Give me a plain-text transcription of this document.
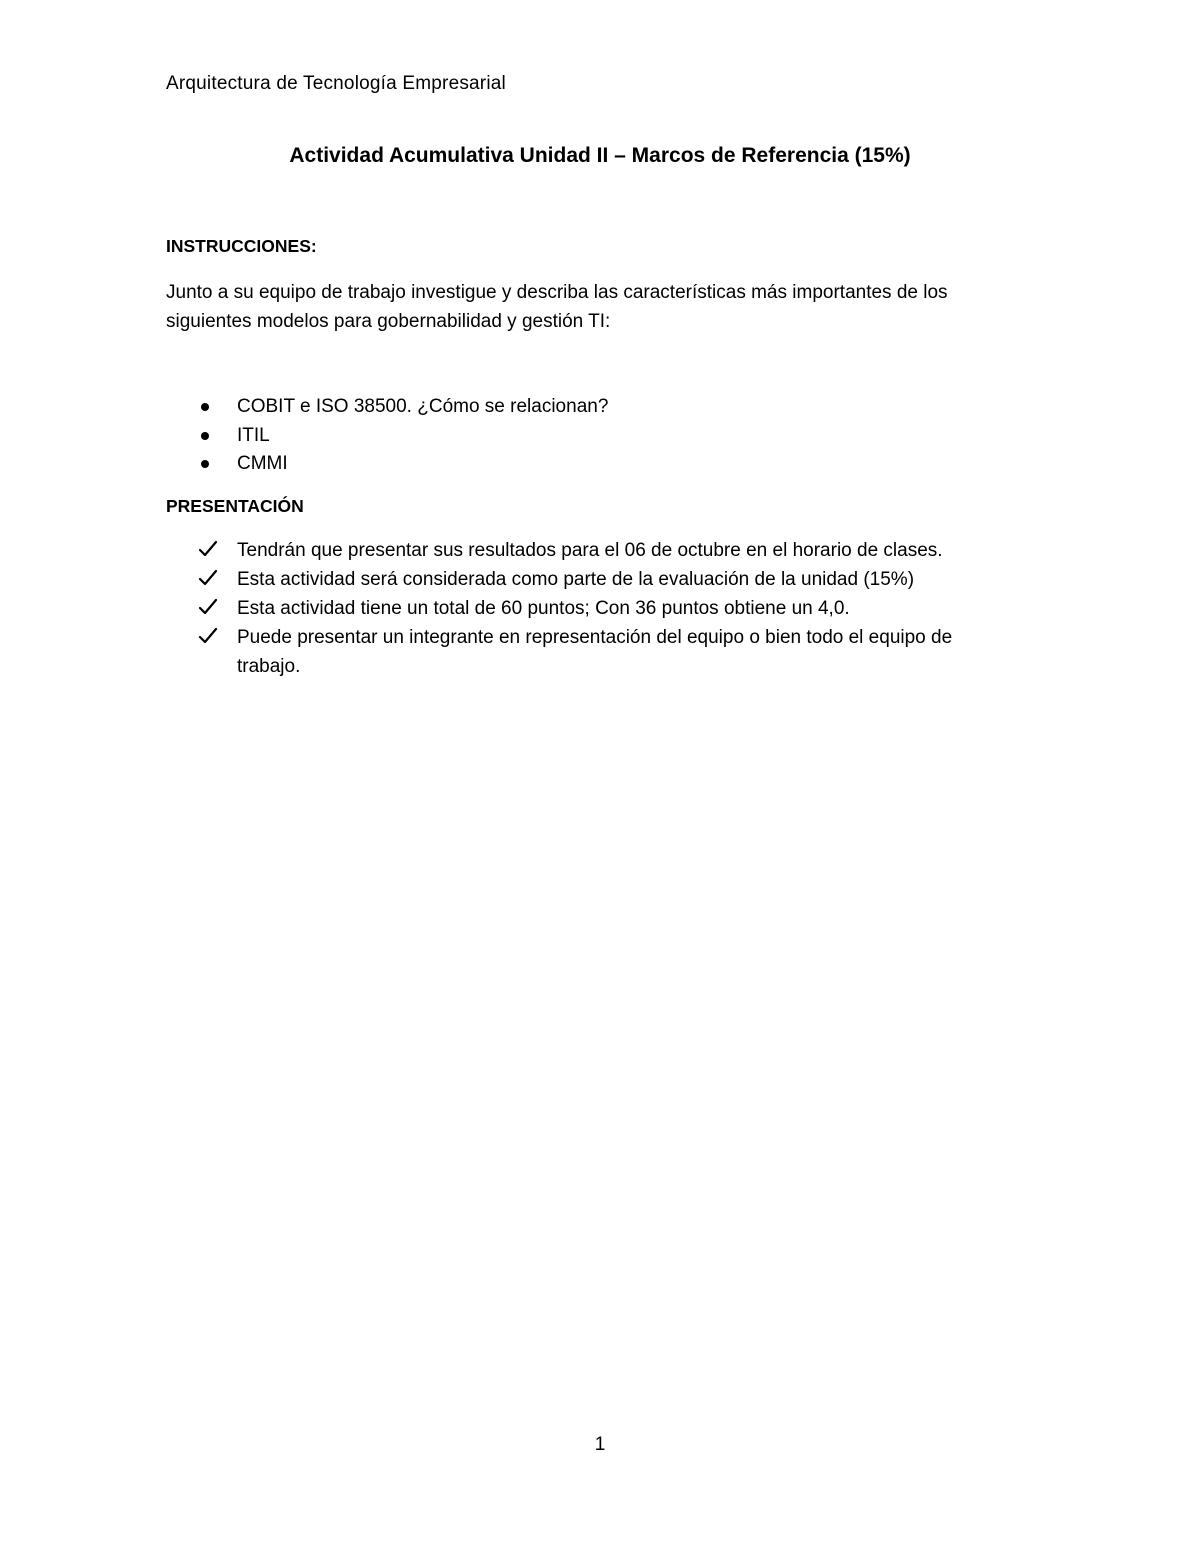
Arquitectura de Tecnología Empresarial
Actividad Acumulativa Unidad II – Marcos de Referencia (15%)
INSTRUCCIONES:
Junto a su equipo de trabajo investigue y describa las características más importantes de los siguientes modelos para gobernabilidad y gestión TI:
COBIT e ISO 38500. ¿Cómo se relacionan?
ITIL
CMMI
PRESENTACIÓN
Tendrán que presentar sus resultados para el 06 de octubre en el horario de clases.
Esta actividad será considerada como parte de la evaluación de la unidad (15%)
Esta actividad tiene un total de 60 puntos; Con 36 puntos obtiene un 4,0.
Puede presentar un integrante en representación del equipo o bien todo el equipo de trabajo.
1
